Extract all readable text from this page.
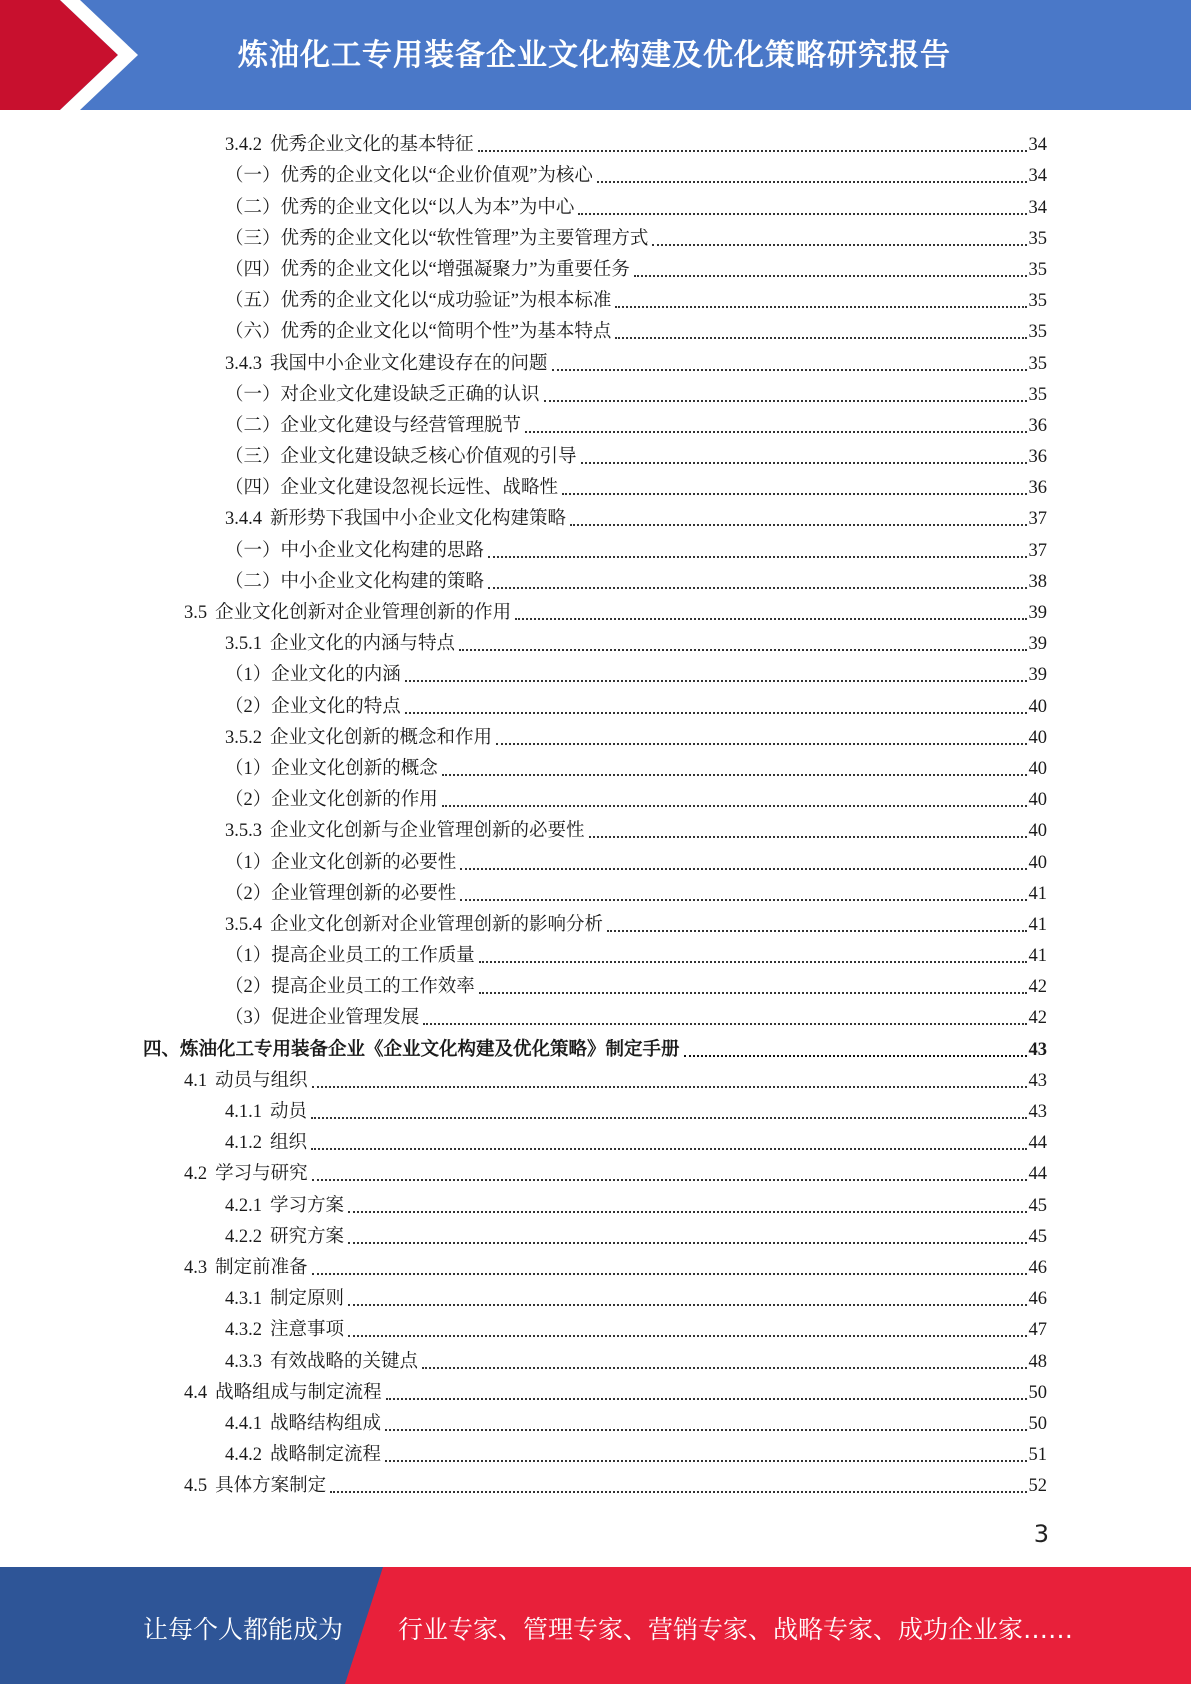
炼油化工专用装备企业文化构建及优化策略研究报告
3.4.2 优秀企业文化的基本特征	34
（一）优秀的企业文化以“企业价值观”为核心	34
（二）优秀的企业文化以“以人为本”为中心	34
（三）优秀的企业文化以“软性管理”为主要管理方式	35
（四）优秀的企业文化以“增强凝聚力”为重要任务	35
（五）优秀的企业文化以“成功验证”为根本标准	35
（六）优秀的企业文化以“简明个性”为基本特点	35
3.4.3 我国中小企业文化建设存在的问题	35
（一）对企业文化建设缺乏正确的认识	35
（二）企业文化建设与经营管理脱节	36
（三）企业文化建设缺乏核心价值观的引导	36
（四）企业文化建设忽视长远性、战略性	36
3.4.4 新形势下我国中小企业文化构建策略	37
（一）中小企业文化构建的思路	37
（二）中小企业文化构建的策略	38
3.5 企业文化创新对企业管理创新的作用	39
3.5.1 企业文化的内涵与特点	39
（1）企业文化的内涵	39
（2）企业文化的特点	40
3.5.2 企业文化创新的概念和作用	40
（1）企业文化创新的概念	40
（2）企业文化创新的作用	40
3.5.3 企业文化创新与企业管理创新的必要性	40
（1）企业文化创新的必要性	40
（2）企业管理创新的必要性	41
3.5.4 企业文化创新对企业管理创新的影响分析	41
（1）提高企业员工的工作质量	41
（2）提高企业员工的工作效率	42
（3）促进企业管理发展	42
四、炼油化工专用装备企业《企业文化构建及优化策略》制定手册	43
4.1 动员与组织	43
4.1.1 动员	43
4.1.2 组织	44
4.2 学习与研究	44
4.2.1 学习方案	45
4.2.2 研究方案	45
4.3 制定前准备	46
4.3.1 制定原则	46
4.3.2 注意事项	47
4.3.3 有效战略的关键点	48
4.4 战略组成与制定流程	50
4.4.1 战略结构组成	50
4.4.2 战略制定流程	51
4.5 具体方案制定	52
3
让每个人都能成为 行业专家、管理专家、营销专家、战略专家、成功企业家……
